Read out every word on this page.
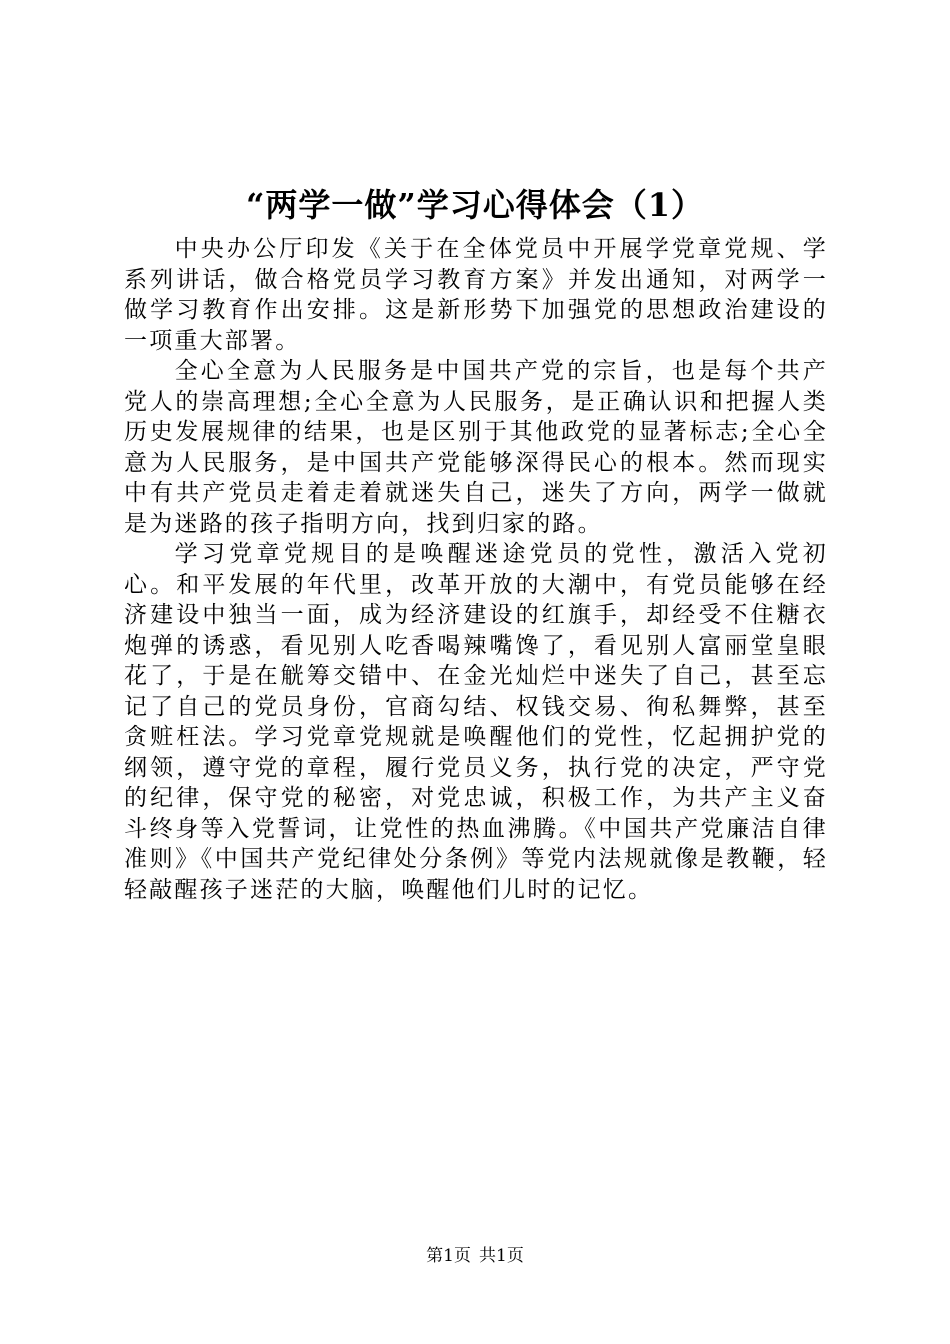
“两学一做”学习心得体会（1）

中央办公厅印发《关于在全体党员中开展学党章党规、学系列讲话，做合格党员学习教育方案》并发出通知，对两学一做学习教育作出安排。这是新形势下加强党的思想政治建设的一项重大部署。

全心全意为人民服务是中国共产党的宗旨，也是每个共产党人的崇高理想;全心全意为人民服务，是正确认识和把握人类历史发展规律的结果，也是区别于其他政党的显著标志;全心全意为人民服务，是中国共产党能够深得民心的根本。然而现实中有共产党员走着走着就迷失自己，迷失了方向，两学一做就是为迷路的孩子指明方向，找到归家的路。

学习党章党规目的是唤醒迷途党员的党性，激活入党初心。和平发展的年代里，改革开放的大潮中，有党员能够在经济建设中独当一面，成为经济建设的红旗手，却经受不住糖衣炮弹的诱惑，看见别人吃香喝辣嘴馋了，看见别人富丽堂皇眼花了，于是在觥筹交错中、在金光灿烂中迷失了自己，甚至忘记了自己的党员身份，官商勾结、权钱交易、徇私舞弊，甚至贪赃枉法。学习党章党规就是唤醒他们的党性，忆起拥护党的纲领，遵守党的章程，履行党员义务，执行党的决定，严守党的纪律，保守党的秘密，对党忠诚，积极工作，为共产主义奋斗终身等入党誓词，让党性的热血沸腾。《中国共产党廉洁自律准则》《中国共产党纪律处分条例》等党内法规就像是教鞭，轻轻敲醒孩子迷茫的大脑，唤醒他们儿时的记忆。

第1页 共1页
